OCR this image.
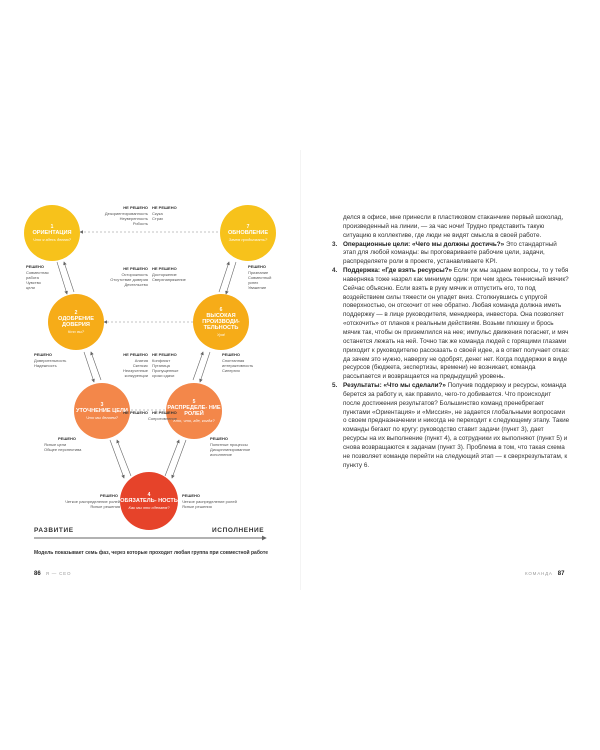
1
ОРИЕНТАЦИЯ
Что я здесь делаю?
2
ОДОБРЕНИЕ ДОВЕРИЯ
Кто вы?
3
УТОЧНЕНИЕ ЦЕЛИ
Что мы делаем?
4
ОБЯЗАТЕЛЬ- НОСТЬ
Как мы это сделаем?
5
РАСПРЕДЕЛЕ- НИЕ РОЛЕЙ
Кто, что, где, когда?
6
ВЫСОКАЯ ПРОИЗВОДИ- ТЕЛЬНОСТЬ
Ура!
7
ОБНОВЛЕНИЕ
Зачем продолжать?
НЕ РЕШЕНО
Дезориентированность
Неуверенность
Робость
НЕ РЕШЕНО
Скука
Страх
НЕ РЕШЕНО
Осторожность
Отсутствие доверия
Деятельство
НЕ РЕШЕНО
Досторжение
Сверхнапряжение
РЕШЕНО
Совместная
работа
Чувство
цели
РЕШЕНО
Признание
Совместный
успех
Уважение
НЕ РЕШЕНО
Апатия
Скепсис
Неизученные
конкуренции
НЕ РЕШЕНО
Конфликт
Путаница
Пропущенные
сроки сдачи
РЕШЕНО
Доверительность
Надежность
РЕШЕНО
Спонтанная
интерактивность
Синергия
НЕ РЕШЕНО НЕ РЕШЕНО
Сопротивление
РЕШЕНО
Ясные цели
Общее перспектива
РЕШЕНО
Понятные процессы
Дисциплинированное
исполнение
РЕШЕНО
Четкое распределение ролей
Ясные решения
РЕШЕНО
Четкое распределение ролей
Ясные решения
РАЗВИТИЕ	ИСПОЛНЕНИЕ
Модель показывает семь фаз, через которые проходит любая группа при совместной работе
86 Я — CEO

делся в офисе, мне принесли в пластиковом стаканчике первый шоколад, произведенный на линии, — за час ночи! Трудно представить такую ситуацию в коллективе, где люди не видят смысла в своей работе.

3. Операционные цели: «Чего мы должны достичь?» Это стандартный этап для любой команды: вы проговариваете рабочие цели, задачи, распределяете роли в проекте, устанавливаете KPI.
4. Поддержка: «Где взять ресурсы?» Если уж мы задаем вопросы, то у тебя наверняка тоже назрел как минимум один: при чем здесь теннисный мячик? Сейчас объясню. Если взять в руку мячик и отпустить его, то под воздействием силы тяжести он упадет вниз. Столкнувшись с упругой поверхностью, он отскочит от нее обратно. Любая команда должна иметь поддержку — в лице руководителя, менеджера, инвестора. Она позволяет «отскочить» от планов к реальным действиям. Возьми плюшку и брось мячик так, чтобы он приземлился на нее; импульс движения погаснет, и мяч останется лежать на ней. Точно так же команда людей с горящими глазами приходит к руководителю рассказать о своей идее, а в ответ получает отказ: да зачем это нужно, наверху не одобрят, денег нет. Когда поддержки в виде ресурсов (бюджета, экспертизы, времени) не возникает, команда рассыпается и возвращается на предыдущий уровень.
5. Результаты: «Что мы сделали?» Получив поддержку и ресурсы, команда берется за работу и, как правило, чего-то добивается. Что происходит после достижения результатов? Большинство команд пренебрегает пунктами «Ориентация» и «Миссия», не задается глобальными вопросами о своем предназначении и никогда не переходит к следующему этапу. Такие команды бегают по кругу: руководство ставит задачи (пункт 3), дает ресурсы на их выполнение (пункт 4), а сотрудники их выполняют (пункт 5) и снова возвращаются к задачам (пункт 3). Проблема в том, что такая схема не позволяет команде перейти на следующий этап — к сверхрезультатам, к пункту 6.
КОМАНДА 87
